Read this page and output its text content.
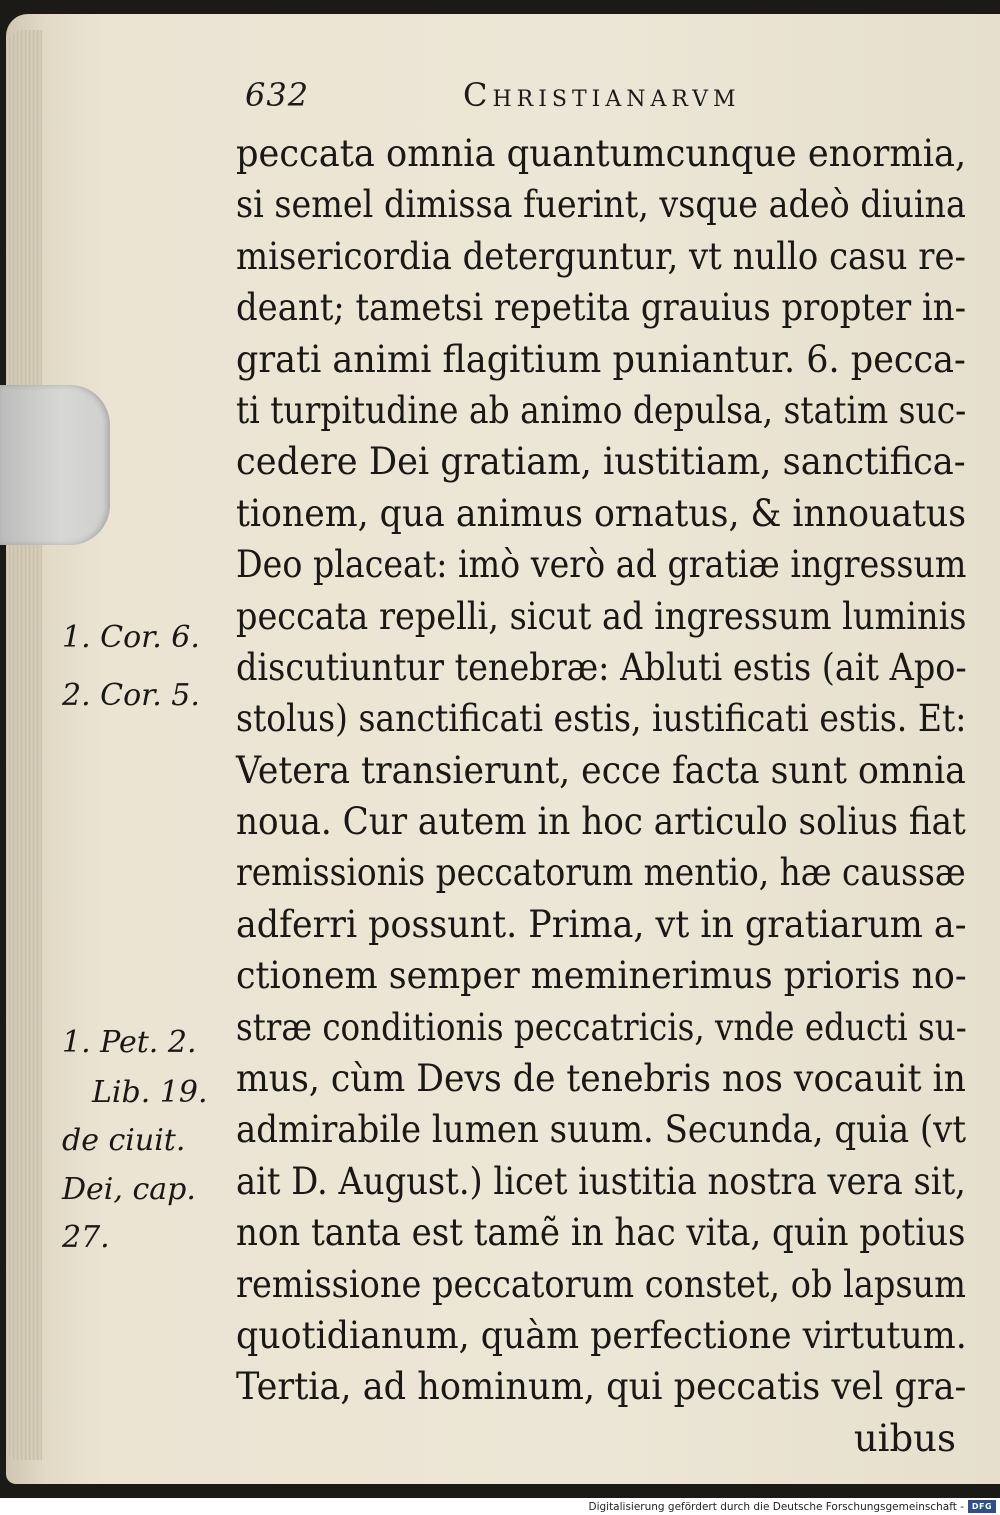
632	Christianarvm
peccata omnia quantumcunque enormia,
si semel dimissa fuerint, vsque adeò diuina
misericordia deterguntur, vt nullo casu re-
deant; tametsi repetita grauius propter in-
grati animi flagitium puniantur. 6. pecca-
ti turpitudine ab animo depulsa, statim suc-
cedere Dei gratiam, iustitiam, sanctifica-
tionem, qua animus ornatus, & innouatus
Deo placeat: imò verò ad gratiæ ingressum
peccata repelli, sicut ad ingressum luminis
discutiuntur tenebræ: Abluti estis (ait Apo-
stolus) sanctificati estis, iustificati estis. Et:
Vetera transierunt, ecce facta sunt omnia
noua. Cur autem in hoc articulo solius fiat
remissionis peccatorum mentio, hæ caussæ
adferri possunt. Prima, vt in gratiarum a-
ctionem semper meminerimus prioris no-
stræ conditionis peccatricis, vnde educti su-
mus, cùm Devs de tenebris nos vocauit in
admirabile lumen suum. Secunda, quia (vt
ait D. August.) licet iustitia nostra vera sit,
non tanta est tamẽ in hac vita, quin potius
remissione peccatorum constet, ob lapsum
quotidianum, quàm perfectione virtutum.
Tertia, ad hominum, qui peccatis vel gra-
uibus
1. Cor. 6.
2. Cor. 5.
1. Pet. 2.
Lib. 19.
de ciuit.
Dei, cap.
27.
Digitalisierung gefördert durch die Deutsche Forschungsgemeinschaft - DFG
